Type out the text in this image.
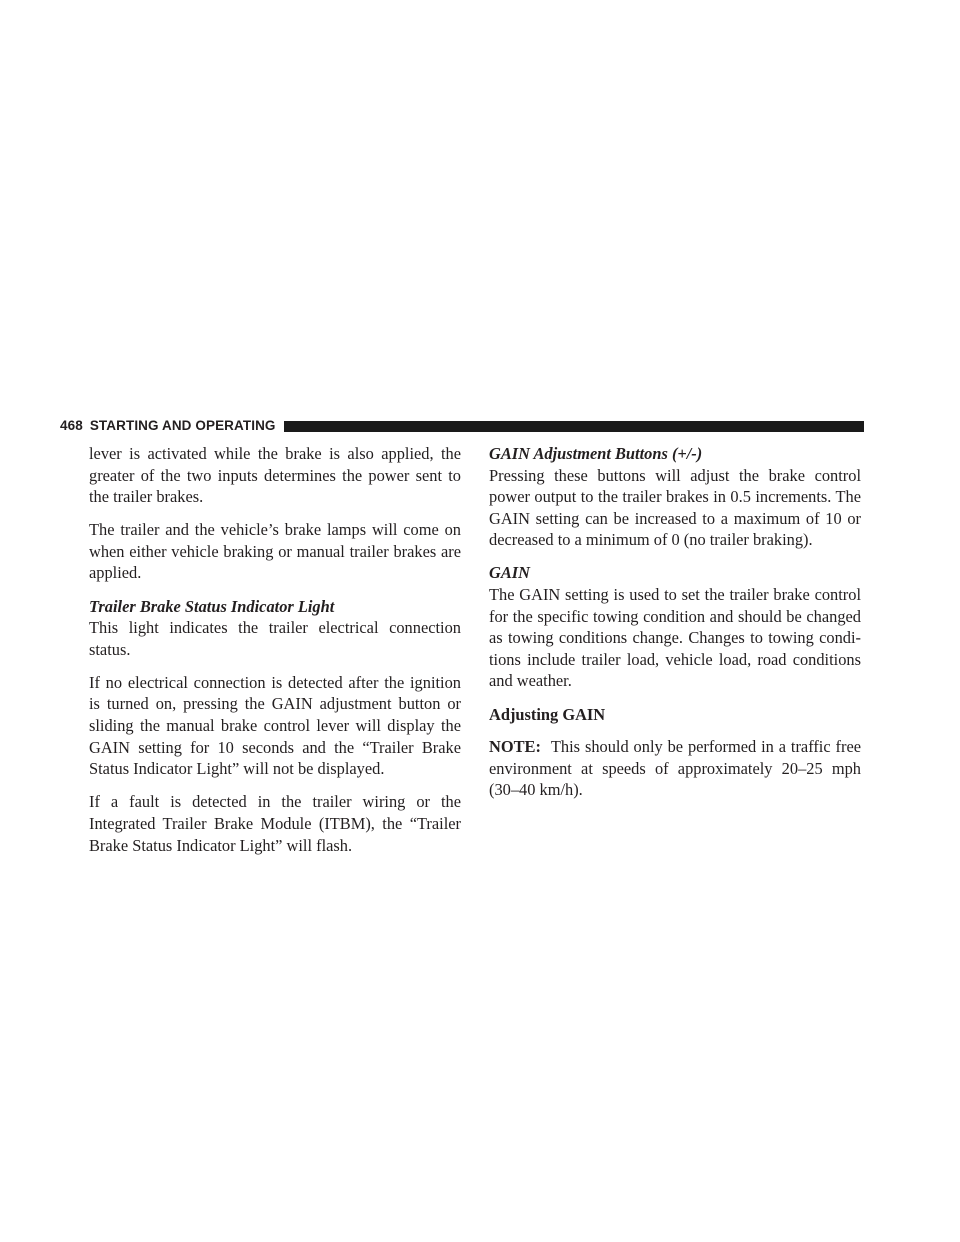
468 STARTING AND OPERATING

lever is activated while the brake is also applied, the greater of the two inputs determines the power sent to the trailer brakes.

The trailer and the vehicle’s brake lamps will come on when either vehicle braking or manual trailer brakes are applied.

Trailer Brake Status Indicator Light

This light indicates the trailer electrical connection status.

If no electrical connection is detected after the ignition is turned on, pressing the GAIN adjustment button or sliding the manual brake control lever will display the GAIN setting for 10 seconds and the “Trailer Brake Status Indicator Light” will not be displayed.

If a fault is detected in the trailer wiring or the Integrated Trailer Brake Module (ITBM), the “Trailer Brake Status Indicator Light” will flash.

GAIN Adjustment Buttons (+/-)

Pressing these buttons will adjust the brake control power output to the trailer brakes in 0.5 increments. The GAIN setting can be increased to a maximum of 10 or decreased to a minimum of 0 (no trailer braking).

GAIN

The GAIN setting is used to set the trailer brake control for the specific towing condition and should be changed as towing conditions change. Changes to towing condi-tions include trailer load, vehicle load, road conditions and weather.

Adjusting GAIN

NOTE: This should only be performed in a traffic free environment at speeds of approximately 20–25 mph (30–40 km/h).
